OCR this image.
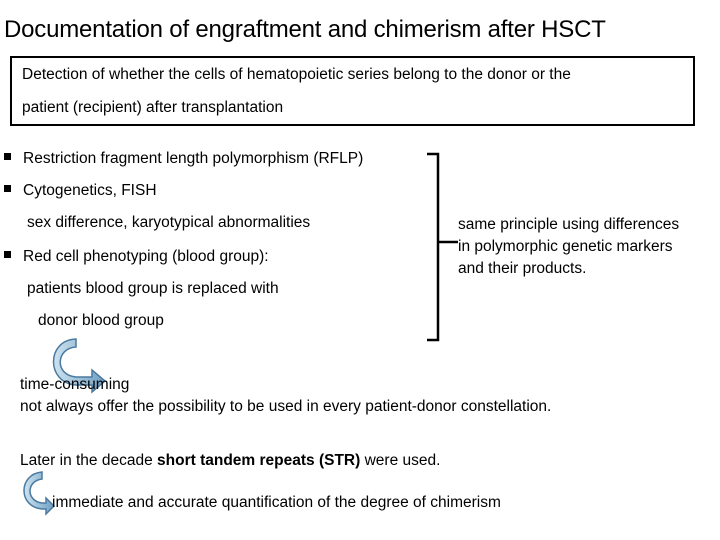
Documentation of engraftment and chimerism after HSCT
Detection of whether the cells of hematopoietic series belong to the donor or the
patient (recipient) after transplantation
Restriction fragment length polymorphism (RFLP)
Cytogenetics, FISH
sex difference, karyotypical abnormalities
Red cell phenotyping (blood group):
patients blood group is replaced with
donor blood group
same principle using differences
in polymorphic genetic markers
and their products.
time-consuming
not always offer the possibility to be used in every patient-donor constellation.
Later in the decade short tandem repeats (STR) were used.
immediate and accurate quantification of the degree of chimerism
